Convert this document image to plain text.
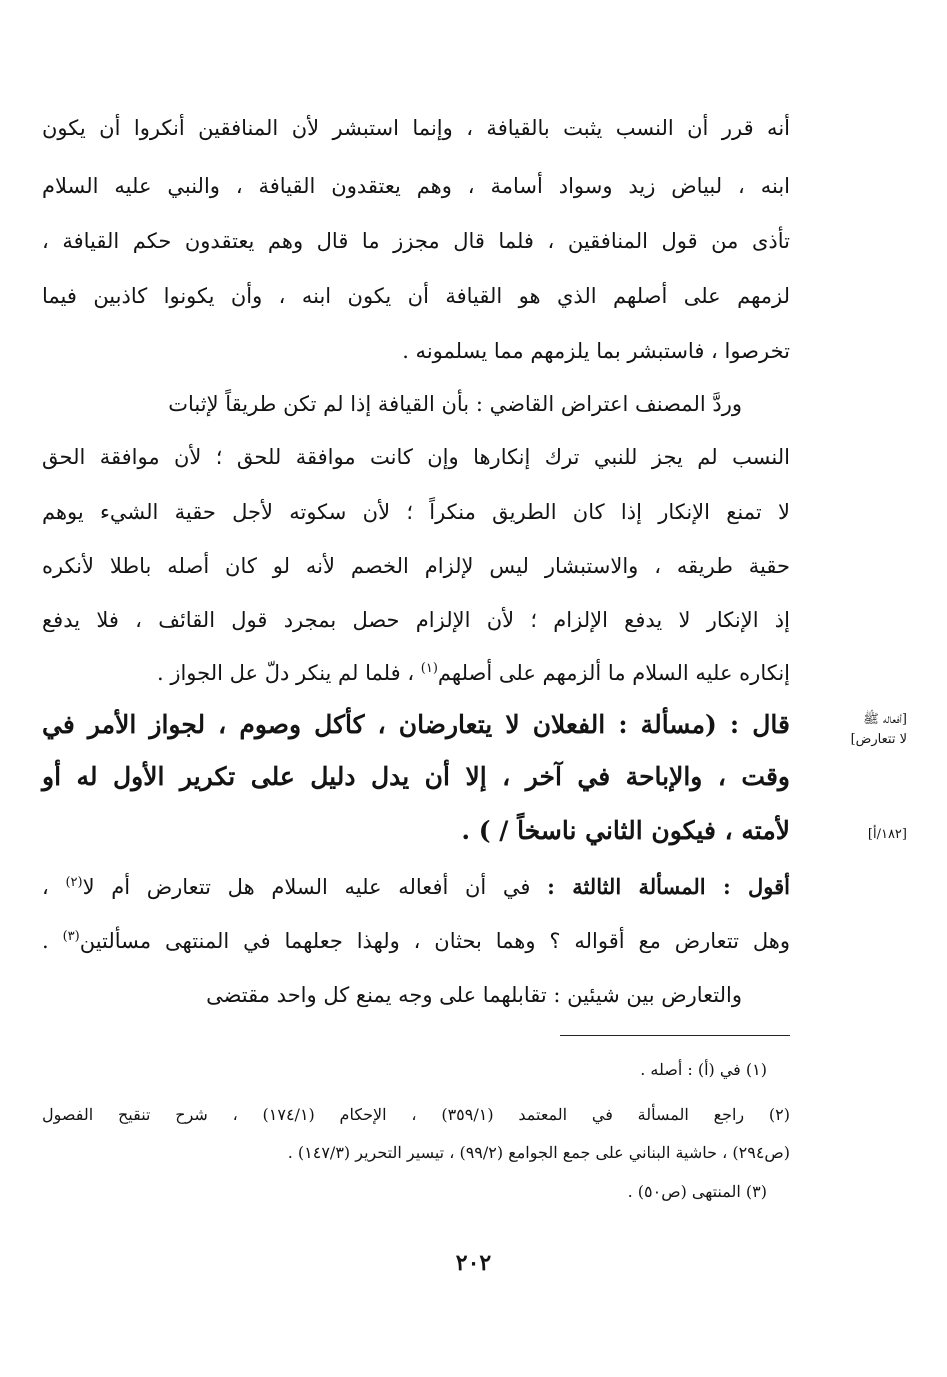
أنه قرر أن النسب يثبت بالقيافة ، وإنما استبشر لأن المنافقين أنكروا أن يكون
ابنه ، لبياض زيد وسواد أسامة ، وهم يعتقدون القيافة ، والنبي عليه السلام
تأذى من قول المنافقين ، فلما قال مجزز ما قال وهم يعتقدون حكم القيافة ،
لزمهم على أصلهم الذي هو القيافة أن يكون ابنه ، وأن يكونوا كاذبين فيما
تخرصوا ، فاستبشر بما يلزمهم مما يسلمونه .
وردَّ المصنف اعتراض القاضي : بأن القيافة إذا لم تكن طريقاً لإثبات
النسب لم يجز للنبي ترك إنكارها وإن كانت موافقة للحق ؛ لأن موافقة الحق
لا تمنع الإنكار إذا كان الطريق منكراً ؛ لأن سكوته لأجل حقية الشيء يوهم
حقية طريقه ، والاستبشار ليس لإلزام الخصم لأنه لو كان أصله باطلا لأنكره
إذ الإنكار لا يدفع الإلزام ؛ لأن الإلزام حصل بمجرد قول القائف ، فلا يدفع
إنكاره عليه السلام ما ألزمهم على أصلهم$^{(١)}$ ، فلما لم ينكر دلّ عل الجواز .
قال : (مسألة : الفعلان لا يتعارضان ، كأكل وصوم ، لجواز الأمر في
وقت ، والإباحة في آخر ، إلا أن يدل دليل على تكرير الأول له أو
لأمته ، فيكون الثاني ناسخاً / ) .
[أفعاله ﷺ
لا تتعارض]
[١٨٢/أ]
أقول : المسألة الثالثة : في أن أفعاله عليه السلام هل تتعارض أم لا$^{(٢)}$ ،
وهل تتعارض مع أقواله ؟ وهما بحثان ، ولهذا جعلهما في المنتهى مسألتين$^{(٣)}$ .
والتعارض بين شيئين : تقابلهما على وجه يمنع كل واحد مقتضى
(١) في (أ) : أصله .
(٢) راجع المسألة في المعتمد (٣٥٩/١) ، الإحكام (١٧٤/١) ، شرح تنقيح الفصول
(ص٢٩٤) ، حاشية البناني على جمع الجوامع (٩٩/٢) ، تيسير التحرير (١٤٧/٣) .
(٣) المنتهى (ص٥٠) .
٢٠٢
